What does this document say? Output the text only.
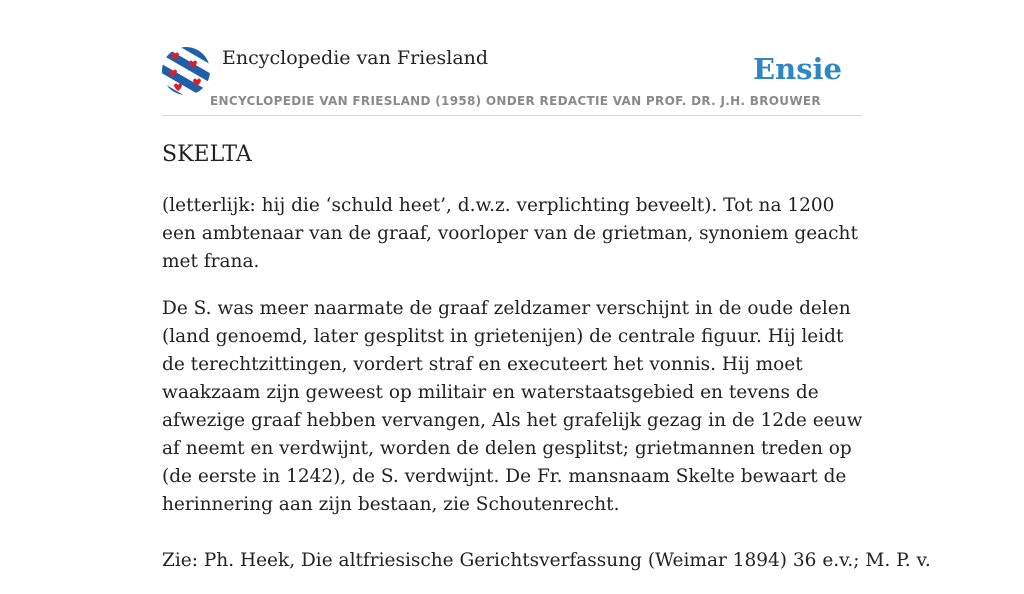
Encyclopedie van Friesland	Ensie
ENCYCLOPEDIE VAN FRIESLAND (1958) ONDER REDACTIE VAN PROF. DR. J.H. BROUWER
SKELTA

(letterlijk: hij die ‘schuld heet’, d.w.z. verplichting beveelt). Tot na 1200 een ambtenaar van de graaf, voorloper van de grietman, synoniem geacht met frana.

De S. was meer naarmate de graaf zeldzamer verschijnt in de oude delen (land genoemd, later gesplitst in grietenijen) de centrale figuur. Hij leidt de terechtzittingen, vordert straf en executeert het vonnis. Hij moet waakzaam zijn geweest op militair en waterstaatsgebied en tevens de afwezige graaf hebben vervangen, Als het grafelijk gezag in de 12de eeuw af neemt en verdwijnt, worden de delen gesplitst; grietmannen treden op (de eerste in 1242), de S. verdwijnt. De Fr. mansnaam Skelte bewaart de herinnering aan zijn bestaan, zie Schoutenrecht.

Zie: Ph. Heek, Die altfriesische Gerichtsverfassung (Weimar 1894) 36 e.v.; M. P. v.
